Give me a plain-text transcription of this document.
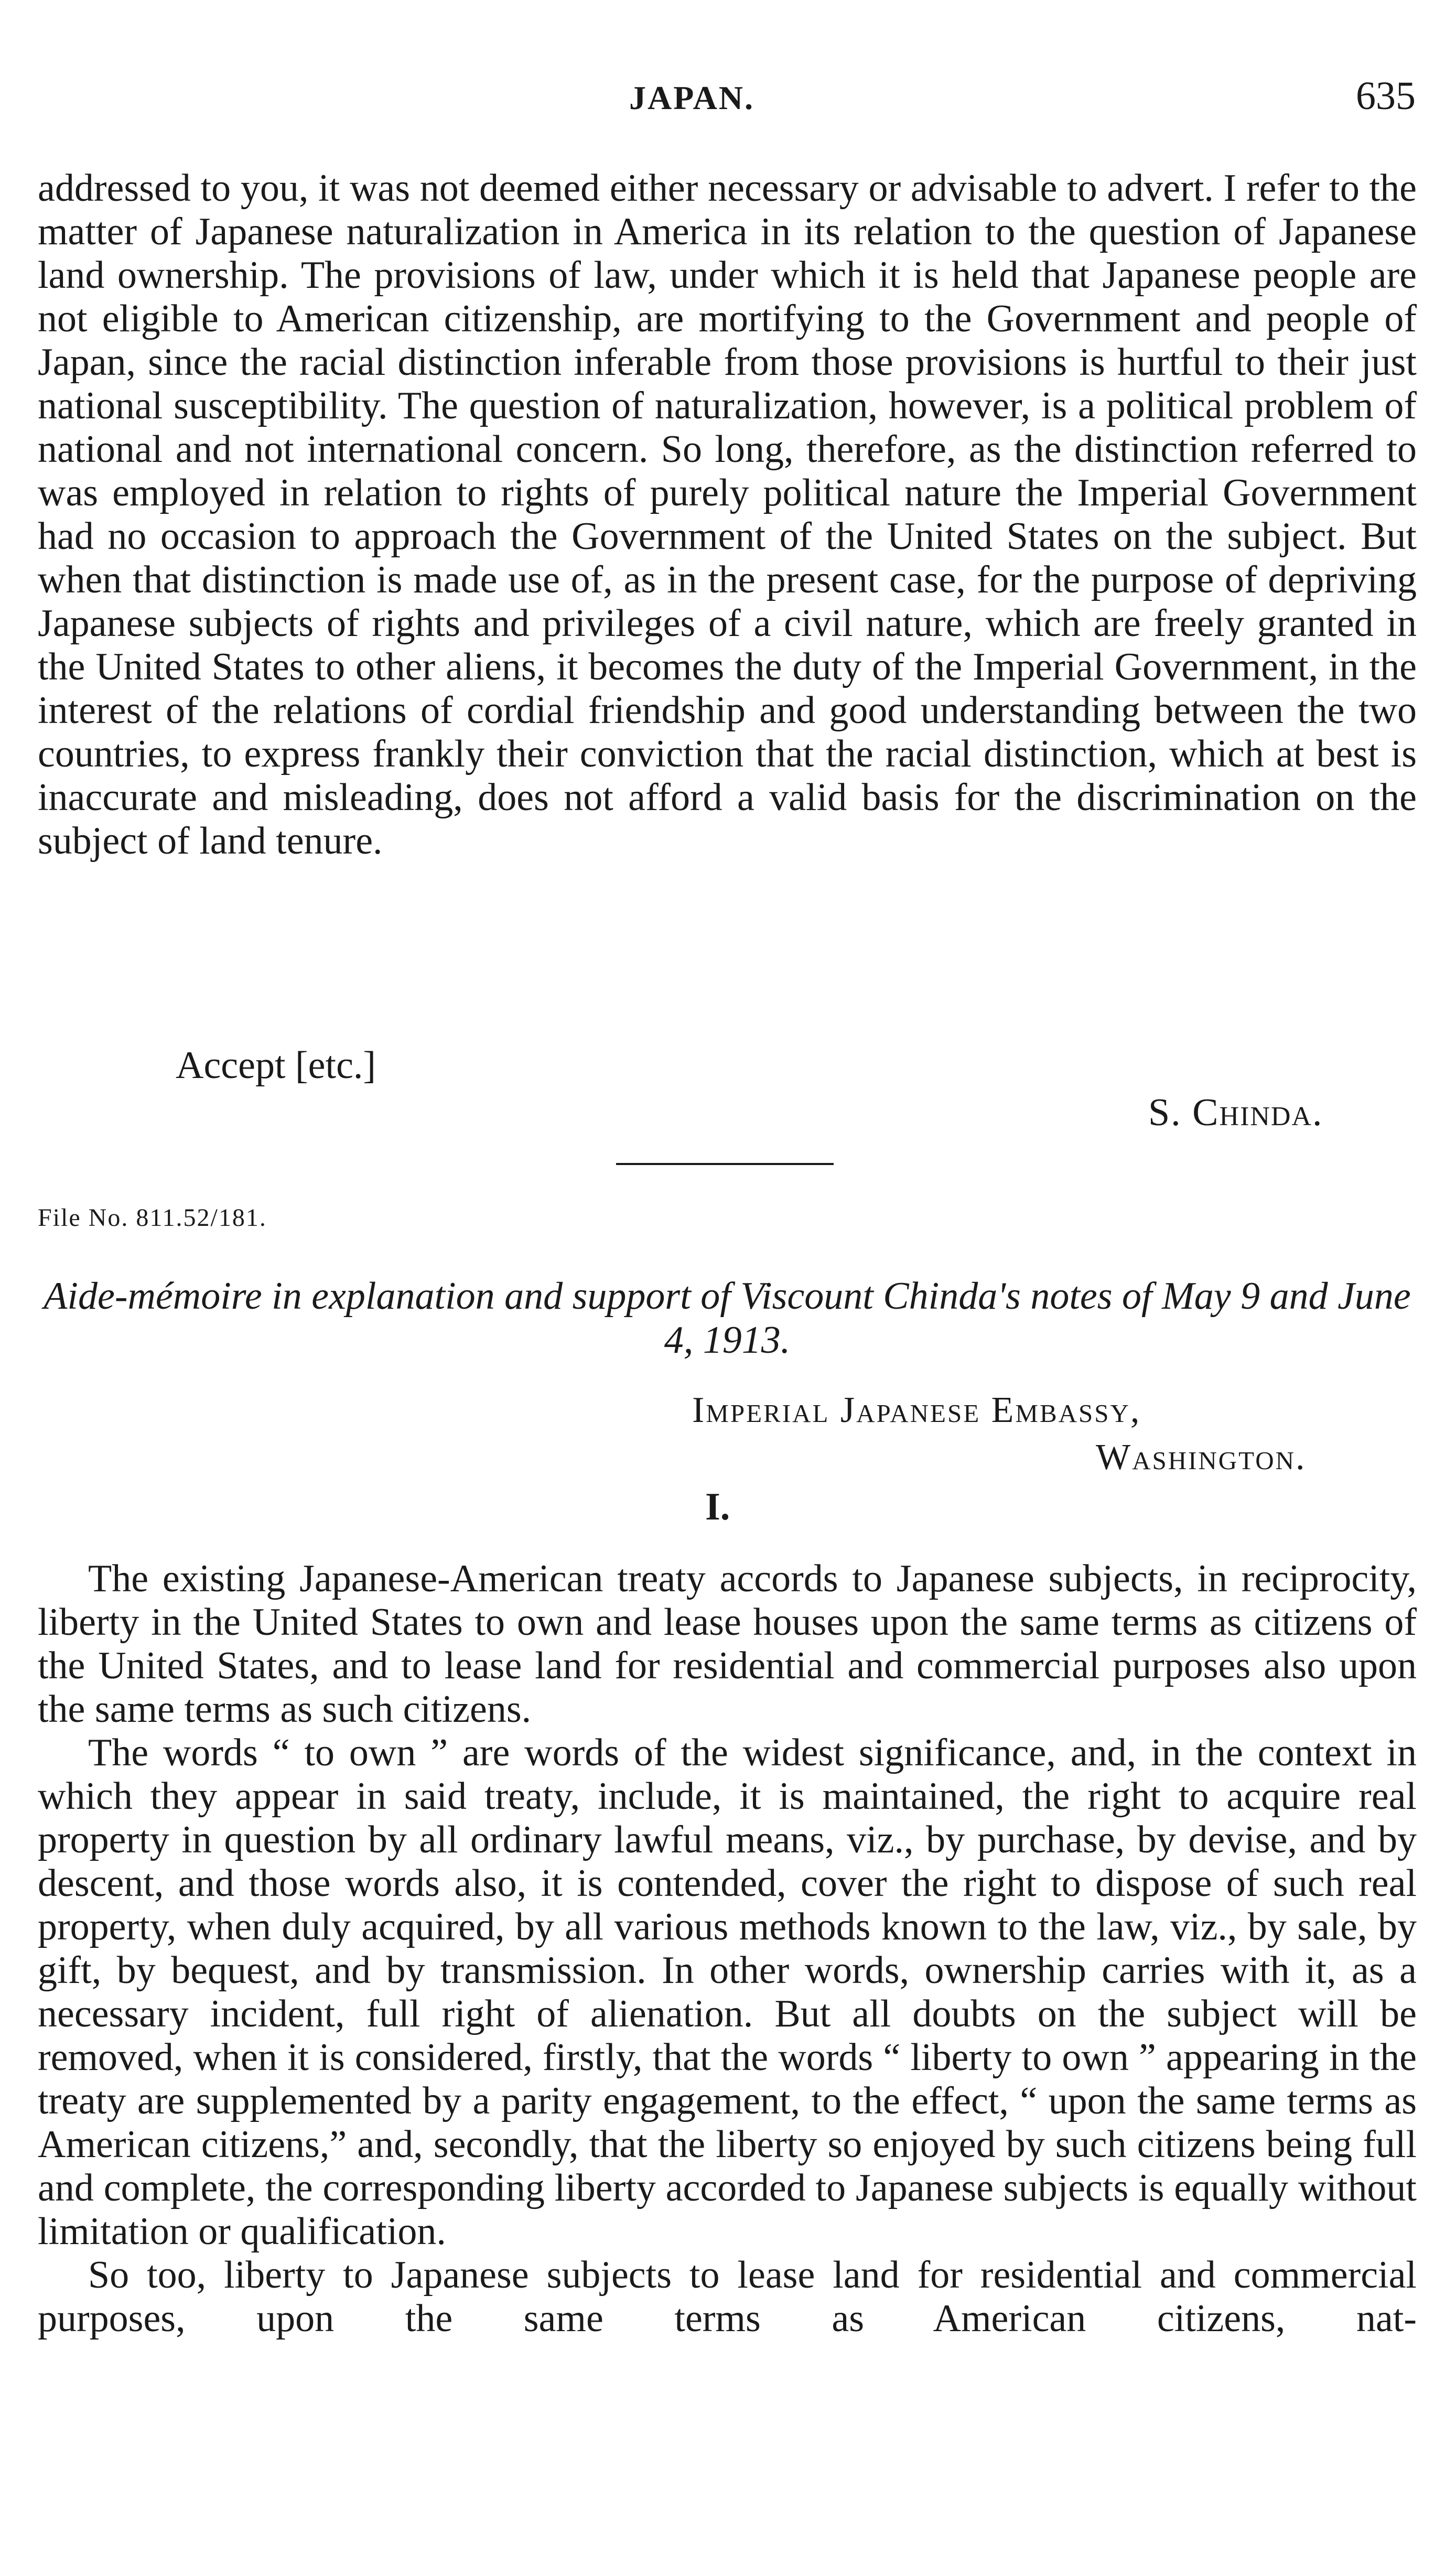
JAPAN.	635

addressed to you, it was not deemed either necessary or advisable to advert. I refer to the matter of Japanese naturalization in America in its relation to the question of Japanese land ownership. The provisions of law, under which it is held that Japanese people are not eligible to American citizenship, are mortifying to the Government and people of Japan, since the racial distinction inferable from those provisions is hurtful to their just national susceptibility. The question of naturalization, however, is a political problem of national and not international concern. So long, therefore, as the distinction referred to was employed in relation to rights of purely political nature the Imperial Government had no occasion to approach the Government of the United States on the subject. But when that distinction is made use of, as in the present case, for the purpose of depriving Japanese subjects of rights and privileges of a civil nature, which are freely granted in the United States to other aliens, it becomes the duty of the Imperial Government, in the interest of the relations of cordial friendship and good understanding between the two countries, to express frankly their conviction that the racial distinction, which at best is inaccurate and misleading, does not afford a valid basis for the discrimination on the subject of land tenure.

Accept [etc.]
S. Chinda.
File No. 811.52/181.
Aide-mémoire in explanation and support of Viscount Chinda's notes of May 9 and June 4, 1913.
Imperial Japanese Embassy,
Washington.
I.

The existing Japanese-American treaty accords to Japanese subjects, in reciprocity, liberty in the United States to own and lease houses upon the same terms as citizens of the United States, and to lease land for residential and commercial purposes also upon the same terms as such citizens.

The words “ to own ” are words of the widest significance, and, in the context in which they appear in said treaty, include, it is maintained, the right to acquire real property in question by all ordinary lawful means, viz., by purchase, by devise, and by descent, and those words also, it is contended, cover the right to dispose of such real property, when duly acquired, by all various methods known to the law, viz., by sale, by gift, by bequest, and by transmission. In other words, ownership carries with it, as a necessary incident, full right of alienation. But all doubts on the subject will be removed, when it is considered, firstly, that the words “ liberty to own ” appearing in the treaty are supplemented by a parity engagement, to the effect, “ upon the same terms as American citizens,” and, secondly, that the liberty so enjoyed by such citizens being full and complete, the corresponding liberty accorded to Japanese subjects is equally without limitation or qualification.

So too, liberty to Japanese subjects to lease land for residential and commercial purposes, upon the same terms as American citizens, nat-
